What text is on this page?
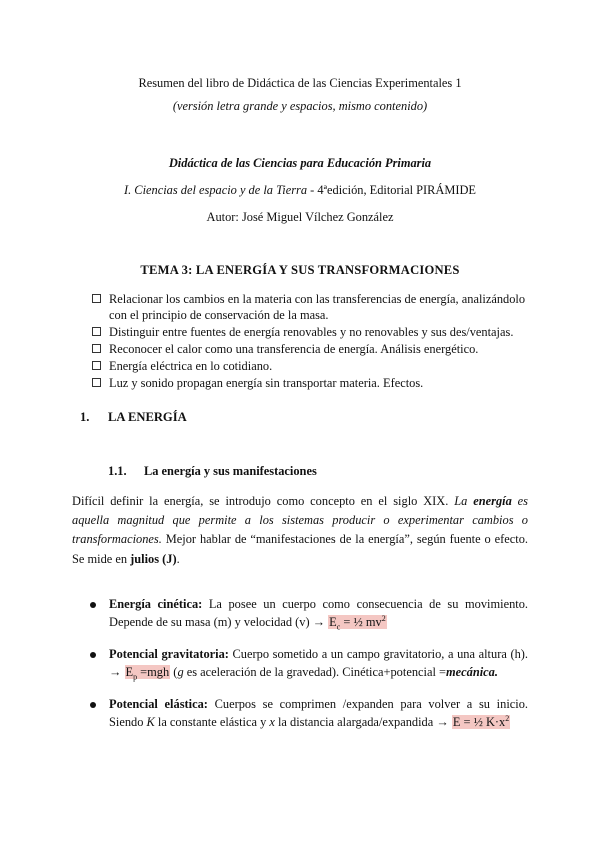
Resumen del libro de Didáctica de las Ciencias Experimentales 1
(versión letra grande y espacios, mismo contenido)
Didáctica de las Ciencias para Educación Primaria
I. Ciencias del espacio y de la Tierra - 4ªedición, Editorial PIRÁMIDE
Autor: José Miguel Vílchez González
TEMA 3: LA ENERGÍA Y SUS TRANSFORMACIONES
Relacionar los cambios en la materia con las transferencias de energía, analizándolo con el principio de conservación de la masa.
Distinguir entre fuentes de energía renovables y no renovables y sus des/ventajas.
Reconocer el calor como una transferencia de energía. Análisis energético.
Energía eléctrica en lo cotidiano.
Luz y sonido propagan energía sin transportar materia. Efectos.
1. LA ENERGÍA
1.1. La energía y sus manifestaciones
Difícil definir la energía, se introdujo como concepto en el siglo XIX. La energía es aquella magnitud que permite a los sistemas producir o experimentar cambios o transformaciones. Mejor hablar de “manifestaciones de la energía”, según fuente o efecto. Se mide en julios (J).
Energía cinética: La posee un cuerpo como consecuencia de su movimiento. Depende de su masa (m) y velocidad $(v) \to E_c$ = ½ $mv^2$
Potencial gravitatoria: Cuerpo sometido a un campo gravitatorio, a una altura (h). → $E_p =mgh$ (g es aceleración de la gravedad). Cinética+potencial =mecánica.
Potencial elástica: Cuerpos se comprimen /expanden para volver a su inicio. Siendo K la constante elástica y x la distancia alargada/expandida → E = ½ $K\cdot x^2$
